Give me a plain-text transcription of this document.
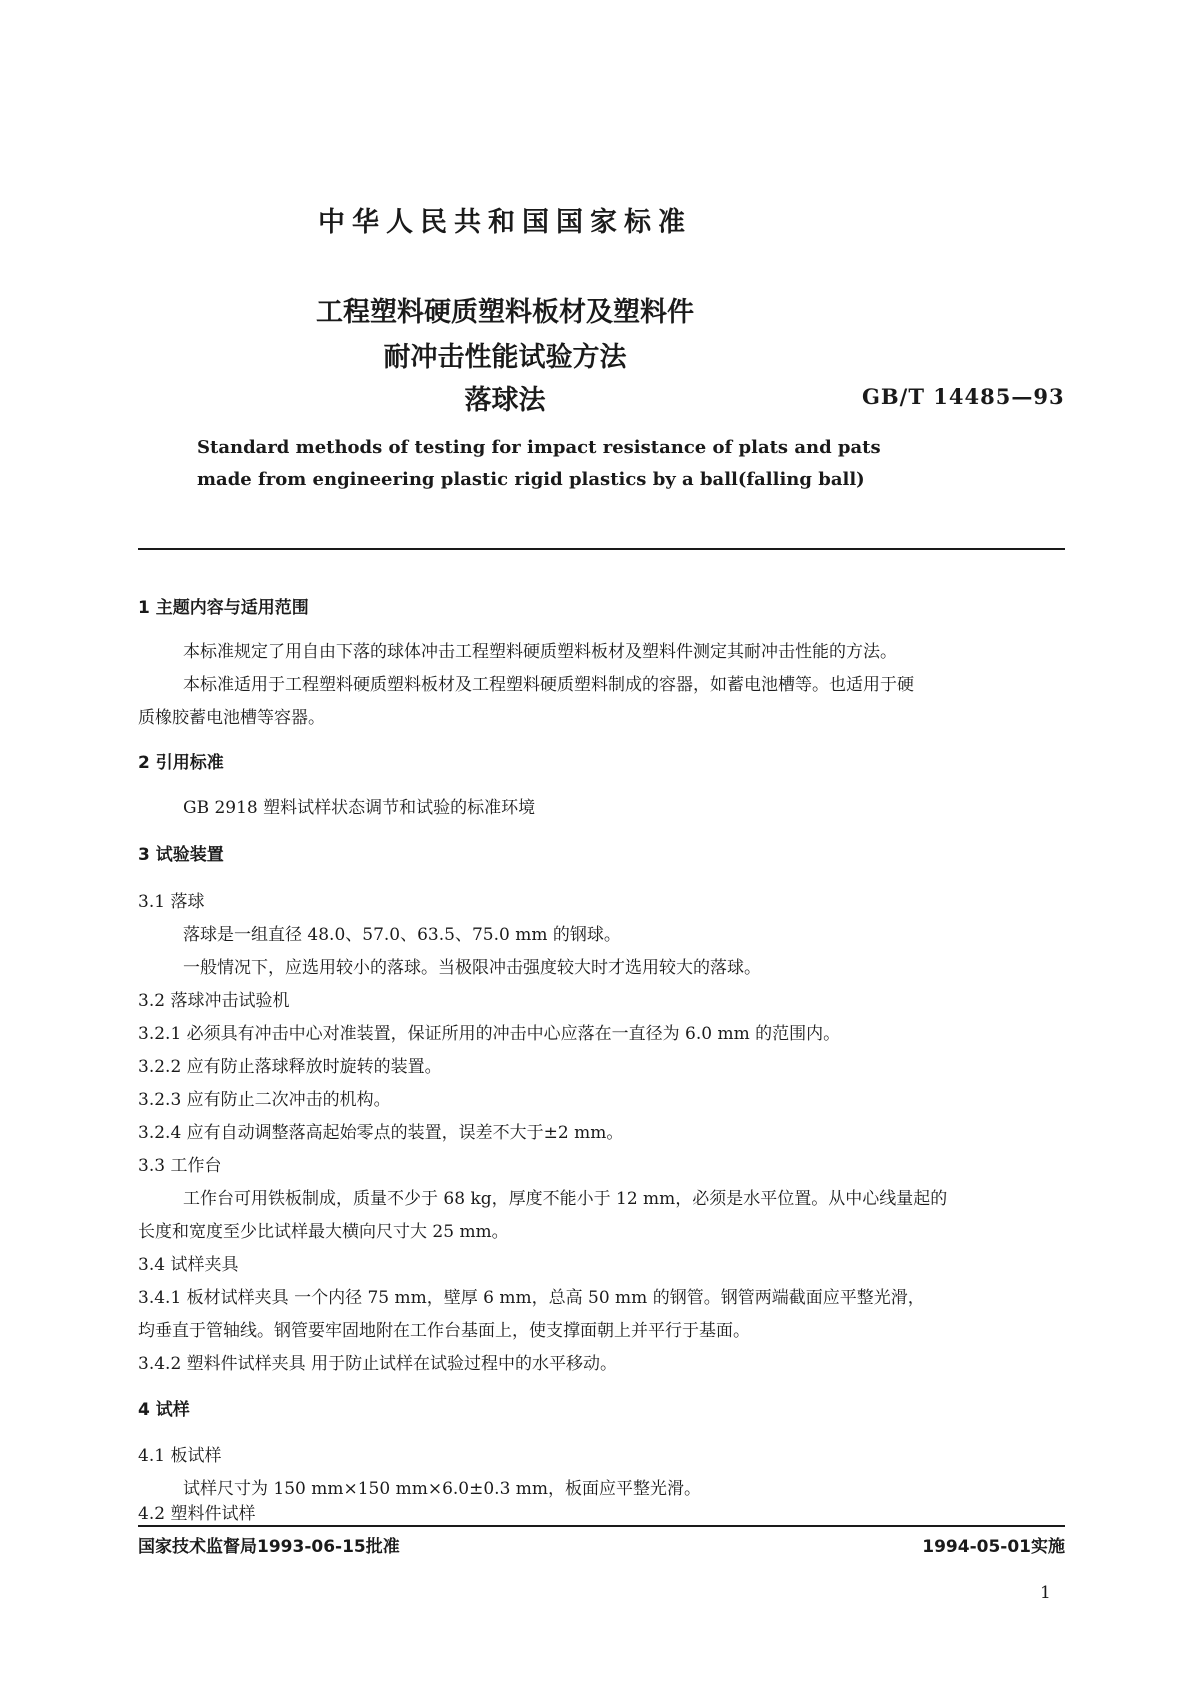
中华人民共和国国家标准
工程塑料硬质塑料板材及塑料件
耐冲击性能试验方法
落球法	GB/T 14485—93
Standard methods of testing for impact resistance of plats and pats
made from engineering plastic rigid plastics by a ball(falling ball)
1 主题内容与适用范围
本标准规定了用自由下落的球体冲击工程塑料硬质塑料板材及塑料件测定其耐冲击性能的方法。
本标准适用于工程塑料硬质塑料板材及工程塑料硬质塑料制成的容器，如蓄电池槽等。也适用于硬
质橡胶蓄电池槽等容器。
2 引用标准
GB 2918 塑料试样状态调节和试验的标准环境
3 试验装置
3.1 落球
落球是一组直径 48.0、57.0、63.5、75.0 mm 的钢球。
一般情况下，应选用较小的落球。当极限冲击强度较大时才选用较大的落球。
3.2 落球冲击试验机
3.2.1 必须具有冲击中心对准装置，保证所用的冲击中心应落在一直径为 6.0 mm 的范围内。
3.2.2 应有防止落球释放时旋转的装置。
3.2.3 应有防止二次冲击的机构。
3.2.4 应有自动调整落高起始零点的装置，误差不大于±2 mm。
3.3 工作台
工作台可用铁板制成，质量不少于 68 kg，厚度不能小于 12 mm，必须是水平位置。从中心线量起的
长度和宽度至少比试样最大横向尺寸大 25 mm。
3.4 试样夹具
3.4.1 板材试样夹具 一个内径 75 mm，壁厚 6 mm，总高 50 mm 的钢管。钢管两端截面应平整光滑，
均垂直于管轴线。钢管要牢固地附在工作台基面上，使支撑面朝上并平行于基面。
3.4.2 塑料件试样夹具 用于防止试样在试验过程中的水平移动。
4 试样
4.1 板试样
试样尺寸为 150 mm×150 mm×6.0±0.3 mm，板面应平整光滑。
4.2 塑料件试样
国家技术监督局1993-06-15批准	1994-05-01实施
1
